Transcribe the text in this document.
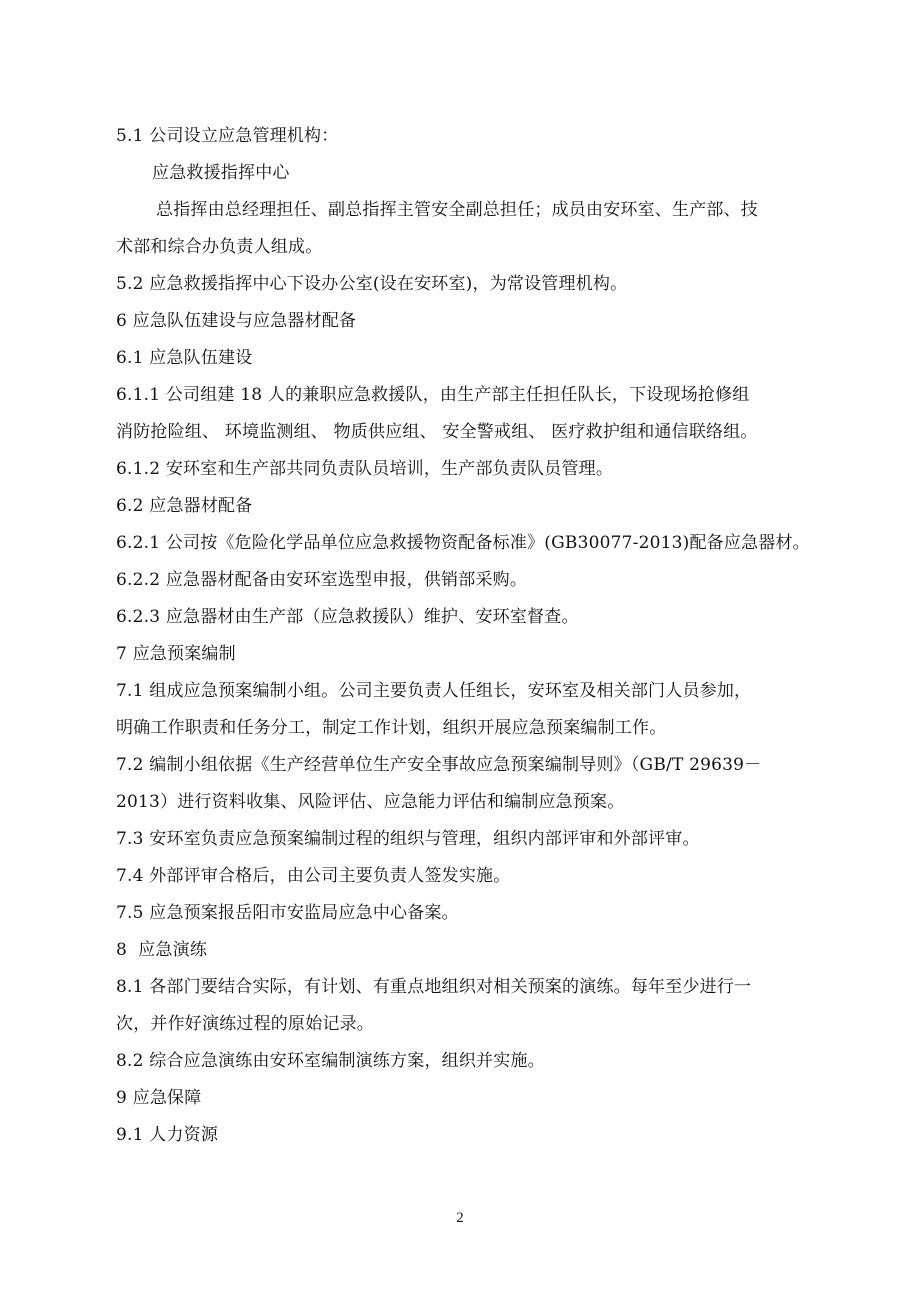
5.1 公司设立应急管理机构：
应急救援指挥中心
总指挥由总经理担任、副总指挥主管安全副总担任；成员由安环室、生产部、技
术部和综合办负责人组成。
5.2 应急救援指挥中心下设办公室(设在安环室)，为常设管理机构。
6 应急队伍建设与应急器材配备
6.1 应急队伍建设
6.1.1 公司组建 18 人的兼职应急救援队，由生产部主任担任队长，下设现场抢修组
消防抢险组、 环境监测组、 物质供应组、 安全警戒组、 医疗救护组和通信联络组。
6.1.2 安环室和生产部共同负责队员培训，生产部负责队员管理。
6.2 应急器材配备
6.2.1 公司按《危险化学品单位应急救援物资配备标准》(GB30077-2013)配备应急器材。
6.2.2 应急器材配备由安环室选型申报，供销部采购。
6.2.3 应急器材由生产部（应急救援队）维护、安环室督查。
7 应急预案编制
7.1 组成应急预案编制小组。公司主要负责人任组长，安环室及相关部门人员参加，
明确工作职责和任务分工，制定工作计划，组织开展应急预案编制工作。
7.2 编制小组依据《生产经营单位生产安全事故应急预案编制导则》（GB/T 29639－
2013）进行资料收集、风险评估、应急能力评估和编制应急预案。
7.3 安环室负责应急预案编制过程的组织与管理，组织内部评审和外部评审。
7.4 外部评审合格后，由公司主要负责人签发实施。
7.5 应急预案报岳阳市安监局应急中心备案。
8  应急演练
8.1 各部门要结合实际，有计划、有重点地组织对相关预案的演练。每年至少进行一
次，并作好演练过程的原始记录。
8.2 综合应急演练由安环室编制演练方案，组织并实施。
9 应急保障
9.1 人力资源
2
